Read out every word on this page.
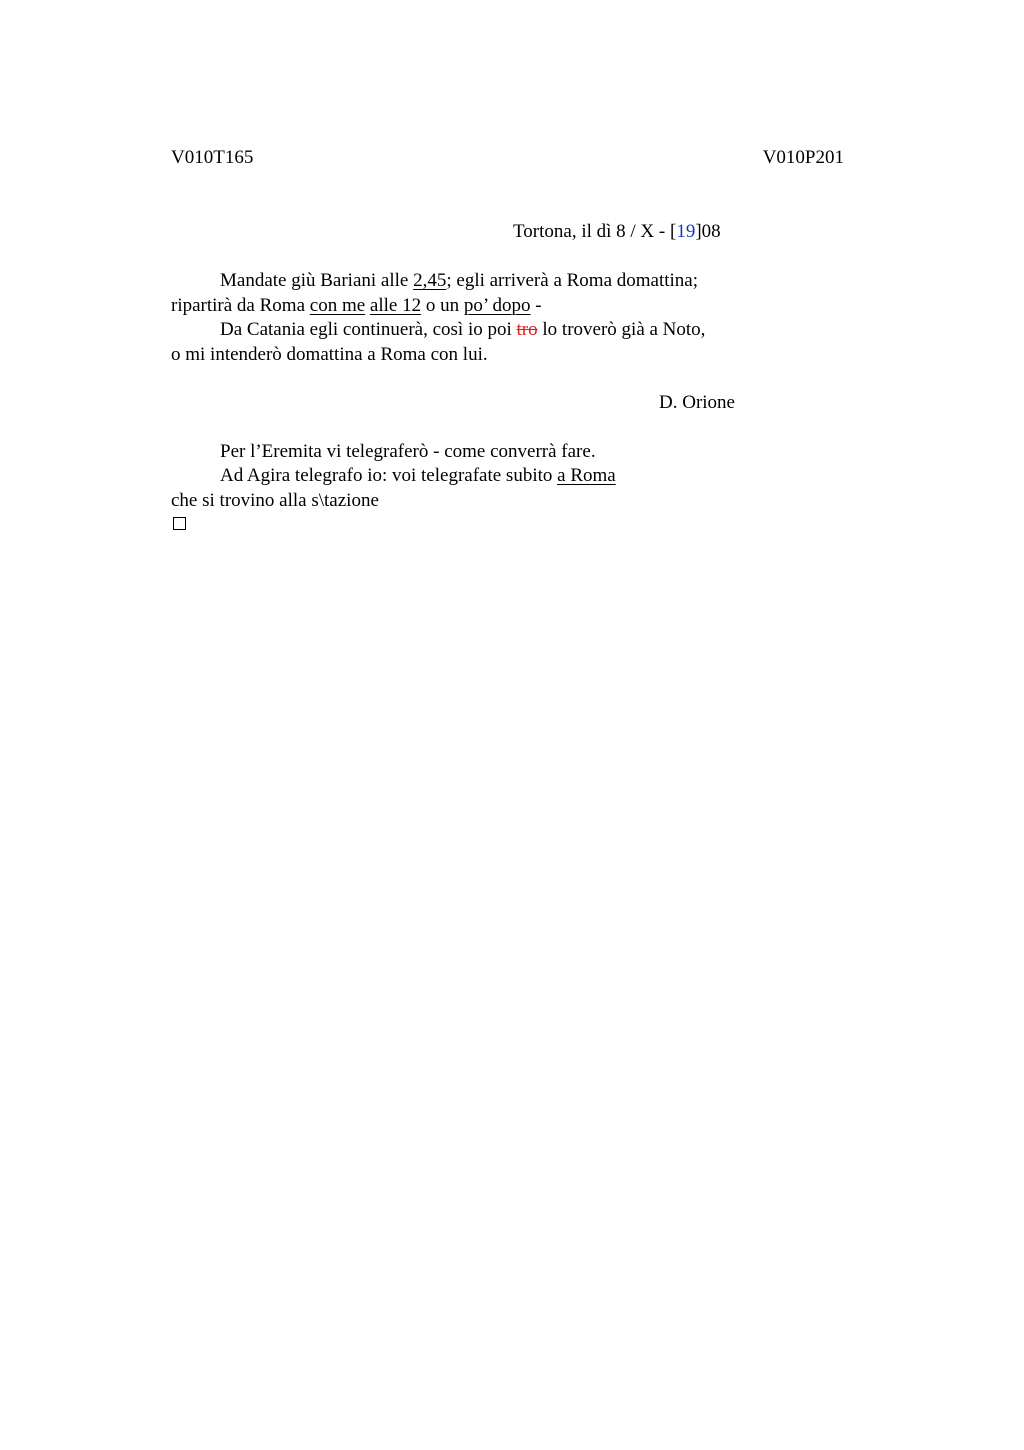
V010T165	V010P201
Tortona, il dì 8 / X - [19]08
Mandate giù Bariani alle 2,45; egli arriverà a Roma domattina;
ripartirà da Roma con me alle 12 o un po’ dopo -
Da Catania egli continuerà, così io poi tro lo troverò già a Noto,
o mi intenderò domattina a Roma con lui.
D. Orione
Per l’Eremita vi telegraferò - come converrà fare.
Ad Agira telegrafo io: voi telegrafate subito a Roma
che si trovino alla s\tazione
